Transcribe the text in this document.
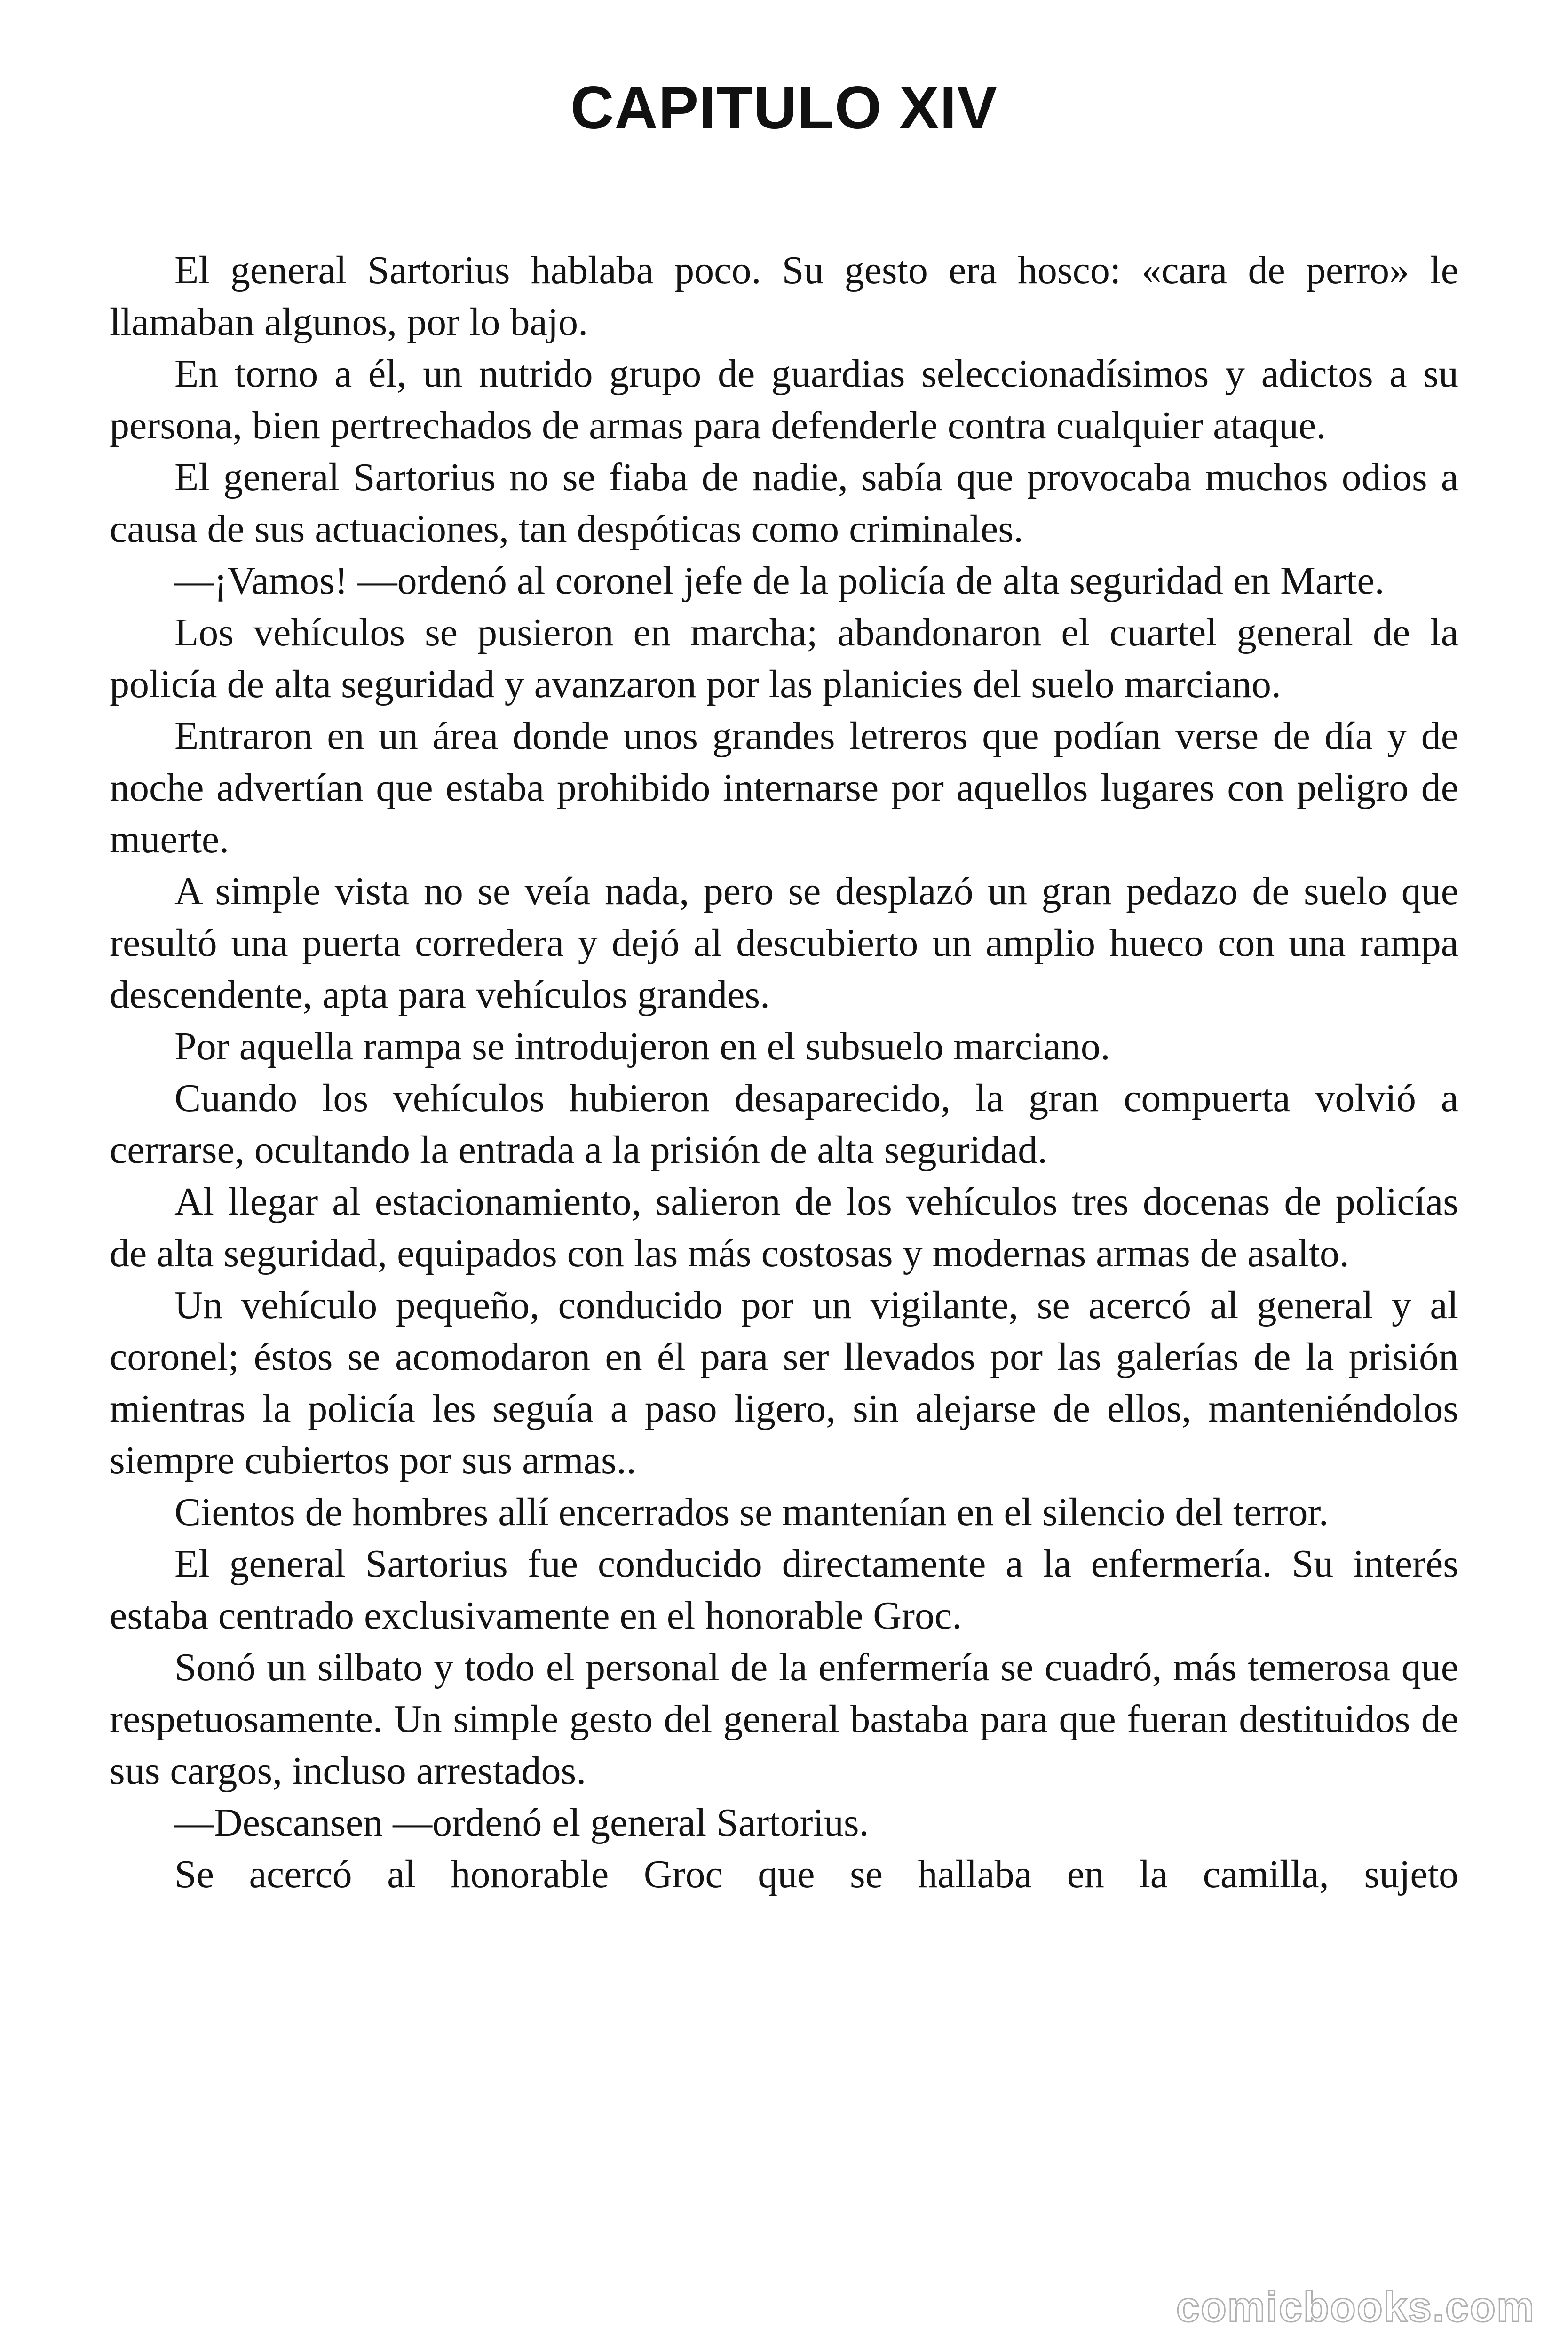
CAPITULO XIV

El general Sartorius hablaba poco. Su gesto era hosco: «cara de perro» le llamaban algunos, por lo bajo.

En torno a él, un nutrido grupo de guardias seleccionadísimos y adictos a su persona, bien pertrechados de armas para defenderle contra cualquier ataque.

El general Sartorius no se fiaba de nadie, sabía que provocaba muchos odios a causa de sus actuaciones, tan despóticas como criminales.

—¡Vamos! —ordenó al coronel jefe de la policía de alta seguridad en Marte.

Los vehículos se pusieron en marcha; abandonaron el cuartel general de la policía de alta seguridad y avanzaron por las planicies del suelo marciano.

Entraron en un área donde unos grandes letreros que podían verse de día y de noche advertían que estaba prohibido internarse por aquellos lugares con peligro de muerte.

A simple vista no se veía nada, pero se desplazó un gran pedazo de suelo que resultó una puerta corredera y dejó al descubierto un amplio hueco con una rampa descendente, apta para vehículos grandes.

Por aquella rampa se introdujeron en el subsuelo marciano.

Cuando los vehículos hubieron desaparecido, la gran compuerta volvió a cerrarse, ocultando la entrada a la prisión de alta seguridad.

Al llegar al estacionamiento, salieron de los vehículos tres docenas de policías de alta seguridad, equipados con las más costosas y modernas armas de asalto.

Un vehículo pequeño, conducido por un vigilante, se acercó al general y al coronel; éstos se acomodaron en él para ser llevados por las galerías de la prisión mientras la policía les seguía a paso ligero, sin alejarse de ellos, manteniéndolos siempre cubiertos por sus armas..

Cientos de hombres allí encerrados se mantenían en el silencio del terror.

El general Sartorius fue conducido directamente a la enfermería. Su interés estaba centrado exclusivamente en el honorable Groc.

Sonó un silbato y todo el personal de la enfermería se cuadró, más temerosa que respetuosamente. Un simple gesto del general bastaba para que fueran destituidos de sus cargos, incluso arrestados.

—Descansen —ordenó el general Sartorius.

Se acercó al honorable Groc que se hallaba en la camilla, sujeto

comicbooks.com
